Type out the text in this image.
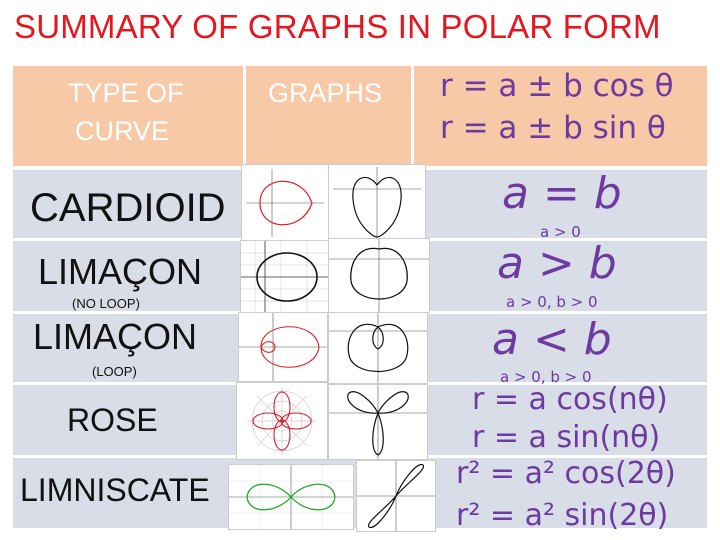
SUMMARY OF GRAPHS IN POLAR FORM
TYPE OF
CURVE
GRAPHS r = a ± b cos θ
r = a ± b sin θ
CARDIOID
LIMAÇON
(NO LOOP)
LIMAÇON
(LOOP)
ROSE
LIMNISCATE
a = b
a > 0
a > b
a > 0, b > 0
a < b
a > 0, b > 0
r = a cos(nθ)
r = a sin(nθ)
r² = a² cos(2θ)
r² = a² sin(2θ)
